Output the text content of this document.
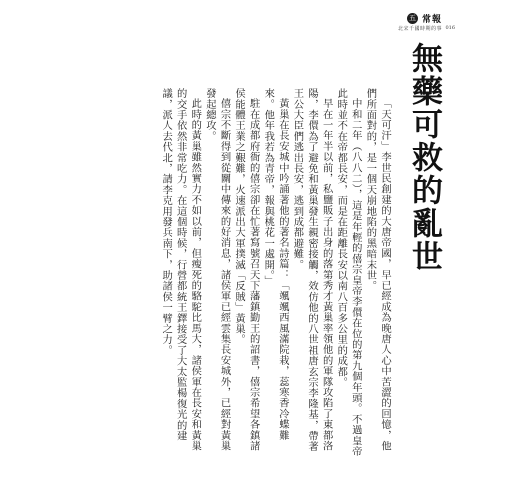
五 常報
北宋千國時期的事 016
無藥可救的亂世

「天可汗」李世民創建的大唐帝國，早已經成為晚唐人心中苦澀的回憶，他們所面對的，是一個天崩地陷的黑暗末世。

中和二年（八八二），這是年輕的僖宗皇帝李儇在位的第九個年頭。不過皇帝此時並不在帝都長安，而是在距離長安以南八百多公里的成都。

早在一年半以前，私鹽販子出身的落第秀才黃巢率領他的軍隊攻陷了東都洛陽，李儇為了避免和黃巢發生親密接觸，效仿他的八世祖唐玄宗李隆基，帶著王公大臣們逃出長安，逃到成都避難。

黃巢在長安城中吟誦著他的著名詩篇：「颯颯西風滿院栽，蕊寒香冷蝶難來。他年我若為青帝，報與桃花一處開。」

駐在成都府衙的僖宗卻在忙著寫號召天下藩鎮勤王的詔書，僖宗希望各鎮諸侯能體王業之艱難，火速派出大軍撲滅「反賊」黃巢。

僖宗不斷得到從關中傳來的好消息，諸侯軍已經雲集長安城外，已經對黃巢發起總攻。

此時的黃巢雖然實力不如以前，但瘦死的駱駝比馬大，諸侯軍在長安和黃巢的交手依然非常吃力。在這個時候，行營都統王鐸接受了大太監楊復光的建議，派人去代北，請李克用發兵南下，助諸侯一臂之力。
